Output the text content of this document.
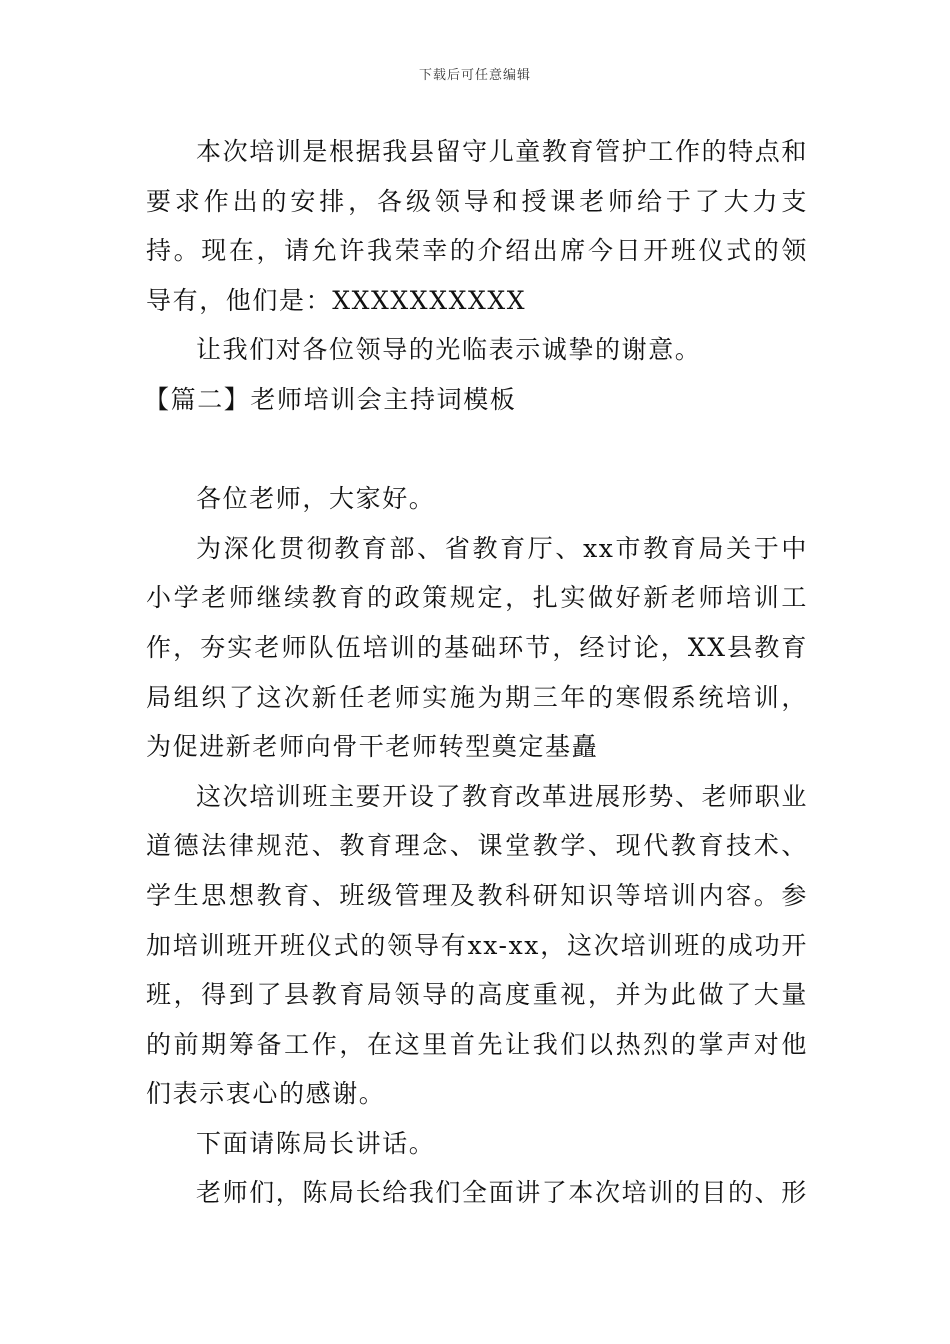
下载后可任意编辑

本次培训是根据我县留守儿童教育管护工作的特点和要求作出的安排，各级领导和授课老师给于了大力支持。现在，请允许我荣幸的介绍出席今日开班仪式的领导有，他们是：XXXXXXXXXX

让我们对各位领导的光临表示诚挚的谢意。

【篇二】老师培训会主持词模板

各位老师，大家好。

为深化贯彻教育部、省教育厅、xx市教育局关于中小学老师继续教育的政策规定，扎实做好新老师培训工作，夯实老师队伍培训的基础环节，经讨论，XX县教育局组织了这次新任老师实施为期三年的寒假系统培训，为促进新老师向骨干老师转型奠定基矗

这次培训班主要开设了教育改革进展形势、老师职业道德法律规范、教育理念、课堂教学、现代教育技术、学生思想教育、班级管理及教科研知识等培训内容。参加培训班开班仪式的领导有xx-xx，这次培训班的成功开班，得到了县教育局领导的高度重视，并为此做了大量的前期筹备工作，在这里首先让我们以热烈的掌声对他们表示衷心的感谢。

下面请陈局长讲话。

老师们，陈局长给我们全面讲了本次培训的目的、形
